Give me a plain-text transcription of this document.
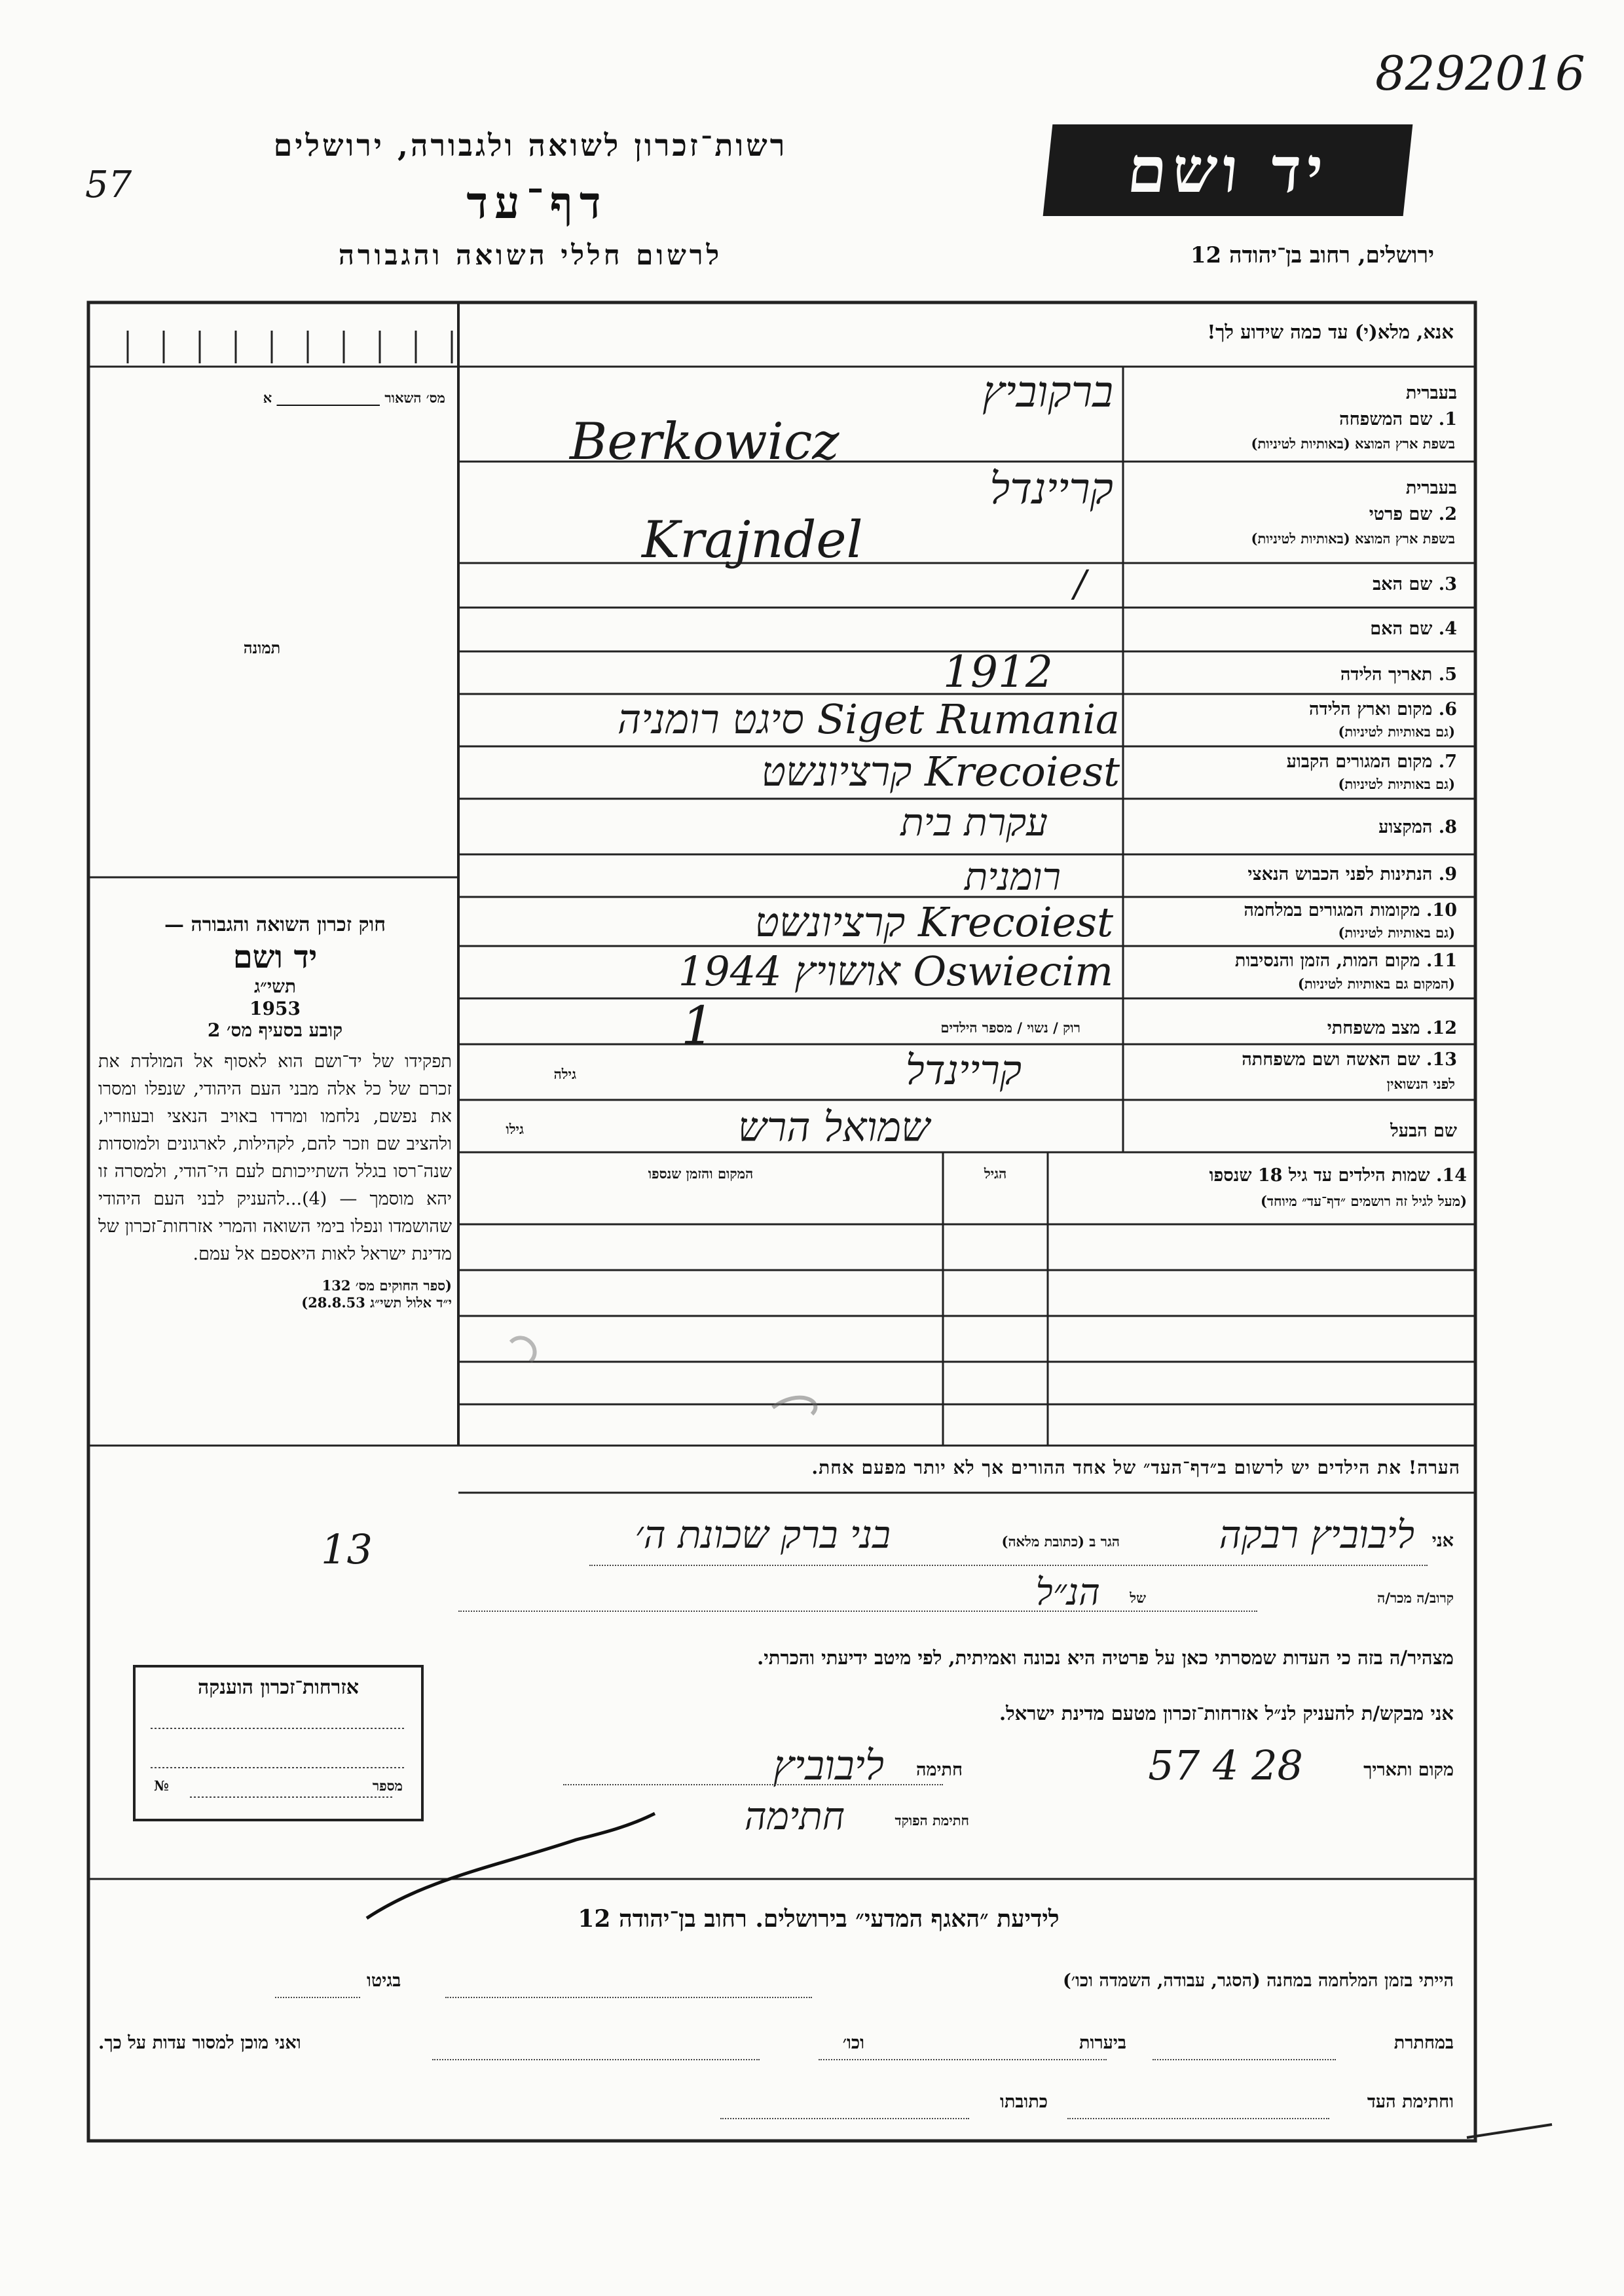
8292016
57
רשות־זכרון לשואה ולגבורה, ירושלים
דף־עד
לרשום חללי השואה והגבורה
יד ושם
ירושלים, רחוב בן־יהודה 12
אנא, מלא(י) עד כמה שידוע לך!
מס׳ השאור _______________ א
תמונה
חוק זכרון השואה והגבורה —
יד ושם
תשי״ג
1953
קובע בסעיף מס׳ 2
תפקידו של יד־ושם הוא לאסוף אל המולדת את זכרם של כל אלה מבני העם היהודי, שנפלו ומסרו את נפשם, נלחמו ומרדו באויב הנאצי ובעוזריו, ולהציב שם וזכר להם, לקהילות, לארגונים ולמוסדות שנה־רסו בגלל השתייכותם לעם הי־הודי, ולמסרה זו יהא מוסמך — (4)...להעניק לבני העם היהודי שהושמדו ונפלו בימי השואה והמרי אזרחות־זכרון של מדינת ישראל לאות היאספם אל עמם.
(ספר החוקים מס׳ 132
י״ד אלול תשי״ג 28.8.53)
בעברית
1. שם המשפחה
בשפת ארץ המוצא (באותיות לטיניות)
בעברית
2. שם פרטי
בשפת ארץ המוצא (באותיות לטיניות)
3. שם האב
4. שם האם
5. תאריך הלידה
6. מקום וארץ הלידה
(גם באותיות לטיניות)
7. מקום המגורים הקבוע
(גם באותיות לטיניות)
8. המקצוע
9. הנתינות לפני הכבוש הנאצי
10. מקומות המגורים במלחמה
(גם באותיות לטיניות)
11. מקום המות, הזמן והנסיבות
(המקום גם באותיות לטיניות)
12. מצב משפחתי
רוק / נשוי / מספר הילדים
13. שם האשה ושם משפחתה
לפני הנשואין
גילה
שם הבעל
גילו
ברקוביץ
Berkowicz
קריינדל
Krajndel
/
1912
Siget Rumania סיגט רומניה
Krecoiest קרציונשט
עקרת בית
רומנית
Krecoiest קרציונשט
Oswiecim אושויץ 1944
1
קריינדל
שמואל הרש
14. שמות הילדים עד גיל 18 שנספו
(מעל לגיל זה רושמים ״דף־עד״ מיוחד)
הגיל
המקום והזמן שנספו
הערה! את הילדים יש לרשום ב״דף־העד״ של אחד ההורים אך לא יותר מפעם אחת.
אני
ליבוביץ רבקה
הגר ב (כתובת מלאה)
בני ברק שכונת ה׳
13
קרוב/ה מכר/ה
של
הנ״ל
מצהיר/ה בזה כי העדות שמסרתי כאן על פרטיה היא נכונה ואמיתית, לפי מיטב ידיעתי והכרתי.
אני מבקש/ת להעניק לנ״ל אזרחות־זכרון מטעם מדינת ישראל.
מקום ותאריך
28 4 57
חתימה
ליבוביץ
חתימת הפוקד
חתימה
אזרחות־זכרון הוענקה
מספר
№
לידיעת ״האגף המדעי״ בירושלים. רחוב בן־יהודה 12
הייתי בזמן המלחמה במחנה (הסגר, עבודה, השמדה וכו׳)
בגיטו
במחתרת
ביערות
וכו׳
ואני מוכן למסור עדות על כך.
וחתימת העד
כתובתו
